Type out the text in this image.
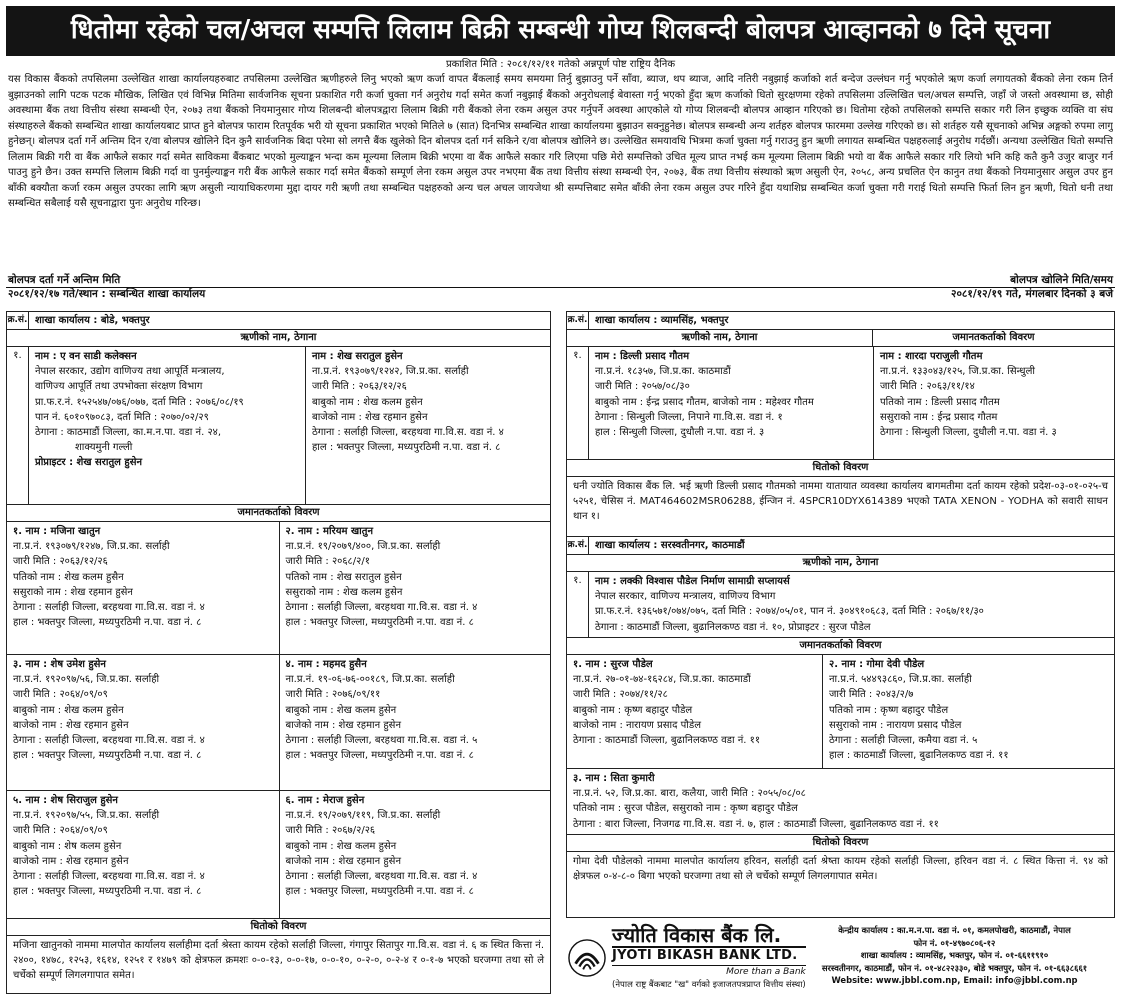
धितोमा रहेको चल/अचल सम्पत्ति लिलाम बिक्री सम्बन्धी गोप्य शिलबन्दी बोलपत्र आव्हानको ७ दिने सूचना
प्रकाशित मिति : २०८१/१२/११ गतेको अन्नपूर्ण पोष्ट राष्ट्रिय दैनिक
यस विकास बैंकको तपसिलमा उल्लेखित शाखा कार्यालयहरुबाट तपसिलमा उल्लेखित ऋणीहरुले लिनु भएको ऋण कर्जा वापत बैंकलाई समय समयमा तिर्नु बुझाउनु पर्ने साँवा, ब्याज, थप ब्याज, आदि नतिरी नबुझाई कर्जाको शर्त बन्देज उल्लंघन गर्नु भएकोले ऋण कर्जा लगायतको बैंकको लेना रकम तिर्न बुझाउनको लागि पटक पटक मौखिक, लिखित एवं विभिन्न मितिमा सार्वजनिक सूचना प्रकाशित गरी कर्जा चुक्ता गर्न अनुरोध गर्दा समेत कर्जा नबुझाई बैंकको अनुरोधलाई बेवास्ता गर्नु भएको हुँदा ऋण कर्जाको धितो सुरक्षणमा रहेको तपसिलमा उल्लिखित चल/अचल सम्पत्ति, जहाँ जे जस्तो अवस्थामा छ, सोही अवस्थामा बैंक तथा वित्तीय संस्था सम्बन्धी ऐन, २०७३ तथा बैंकको नियमानुसार गोप्य शिलबन्दी बोलपत्रद्वारा लिलाम बिक्री गरी बैंकको लेना रकम असुल उपर गर्नुपर्ने अवस्था आएकोले यो गोप्य शिलबन्दी बोलपत्र आव्हान गरिएको छ। धितोमा रहेको तपसिलको सम्पत्ति सकार गरी लिन इच्छुक व्यक्ति वा संघ संस्थाहरुले बैंकको सम्बन्धित शाखा कार्यालयबाट प्राप्त हुने बोलपत्र फाराम रितपूर्वक भरी यो सूचना प्रकाशित भएको मितिले ७ (सात) दिनभित्र सम्बन्धित शाखा कार्यालयमा बुझाउन सक्नुहुनेछ। बोलपत्र सम्बन्धी अन्य शर्तहरु बोलपत्र फारममा उल्लेख गरिएको छ। सो शर्तहरु यसै सूचनाको अभिन्न अङ्गको रुपमा लागु हुनेछन्। बोलपत्र दर्ता गर्ने अन्तिम दिन र/वा बोलपत्र खोलिने दिन कुनै सार्वजनिक बिदा परेमा सो लगत्तै बैंक खुलेको दिन बोलपत्र दर्ता गर्न सकिने र/वा बोलपत्र खोलिने छ। उल्लेखित समयावधि भित्रमा कर्जा चुक्ता गर्नु गराउनु हुन ऋणी लगायत सम्बन्धित पक्षहरुलाई अनुरोध गर्दछौं। अन्यथा उल्लेखित धितो सम्पत्ति लिलाम बिक्री गरी वा बैंक आफैले सकार गर्दा समेत साविकमा बैंकबाट भएको मुल्याङ्कन भन्दा कम मूल्यमा लिलाम बिक्री भएमा वा बैंक आफैले सकार गरि लिएमा पछि मेरो सम्पत्तिको उचित मूल्य प्राप्त नभई कम मूल्यमा लिलाम बिक्री भयो वा बैंक आफैले सकार गरि लियो भनि कहि कतै कुनै उजुर बाजुर गर्न पाउनु हुने छैन। उक्त सम्पत्ति लिलाम बिक्री गर्दा वा पुनर्मुल्याङ्कन गरी बैंक आफैले सकार गर्दा समेत बैंकको सम्पूर्ण लेना रकम असुल उपर नभएमा बैंक तथा वित्तीय संस्था सम्बन्धी ऐन, २०७३, बैंक तथा वित्तीय संस्थाको ऋण असुली ऐन, २०५८, अन्य प्रचलित ऐन कानुन तथा बैंकको नियमानुसार असुल उपर हुन बाँकी बक्यौता कर्जा रकम असुल उपरका लागि ऋण असुली न्यायाधिकरणमा मुद्दा दायर गरी ऋणी तथा सम्बन्धित पक्षहरुको अन्य चल अचल जायजेथा श्री सम्पत्तिबाट समेत बाँकी लेना रकम असुल उपर गरिने हुँदा यथाशिघ्र सम्बन्धित कर्जा चुक्ता गरी गराई धितो सम्पत्ति फिर्ता लिन हुन ऋणी, धितो धनी तथा सम्बन्धित सबैलाई यसै सूचनाद्वारा पुनः अनुरोध गरिन्छ।
बोलपत्र दर्ता गर्ने अन्तिम मिति
२०८१/१२/१७ गते/स्थान : सम्बन्धित शाखा कार्यालय
बोलपत्र खोलिने मिति/समय
२०८१/१२/१९ गते, मंगलबार दिनको ३ बजे
क्र.सं. शाखा कार्यालय : बोडे, भक्तपुर
ऋणीको नाम, ठेगाना
१.	नाम : ए वन साडी कलेक्सन
नेपाल सरकार, उद्योग वाणिज्य तथा आपूर्ति मन्त्रालय,
वाणिज्य आपूर्ति तथा उपभोक्ता संरक्षण विभाग
प्रा.फ.र.नं. १५२५४७/०७६/०७७, दर्ता मिति : २०७६/०८/१९
पान नं. ६०१०९७०८३, दर्ता मिति : २०७०/०२/२९
ठेगाना : काठमाडौं जिल्ला, का.म.न.पा. वडा नं. २४,
शाक्यमुनी गल्ली
प्रोप्राइटर : शेख सरातुल हुसेन
नाम : शेख सरातुल हुसेन
ना.प्र.नं. १९३०७९/१२४२, जि.प्र.का. सर्लाही
जारी मिति : २०६३/१२/२६
बाबुको नाम : शेख कलम हुसेन
बाजेको नाम : शेख रहमान हुसेन
ठेगाना : सर्लाही जिल्ला, बरहथवा गा.वि.स. वडा नं. ४
हाल : भक्तपुर जिल्ला, मध्यपुरठिमी न.पा. वडा नं. ८
जमानतकर्ताको विवरण
१. नाम : मजिना खातुन
ना.प्र.नं. १९३०७९/१२४७, जि.प्र.का. सर्लाही
जारी मिति : २०६३/१२/२६
पतिको नाम : शेख कलम हुसैन
ससुराको नाम : शेख रहमान हुसेन
ठेगाना : सर्लाही जिल्ला, बरहथवा गा.वि.स. वडा नं. ४
हाल : भक्तपुर जिल्ला, मध्यपुरठिमी न.पा. वडा नं. ८
२. नाम : मरियम खातुन
ना.प्र.नं. १९/२०७९/४००, जि.प्र.का. सर्लाही
जारी मिति : २०६८/२/१
पतिको नाम : शेख सरातुल हुसेन
ससुराको नाम : शेख कलम हुसेन
ठेगाना : सर्लाही जिल्ला, बरहथवा गा.वि.स. वडा नं. ४
हाल : भक्तपुर जिल्ला, मध्यपुरठिमी न.पा. वडा नं. ८
३. नाम : शेष उमेश हुसेन
ना.प्र.नं. १९२०९७/५६, जि.प्र.का. सर्लाही
जारी मिति : २०६४/०९/०९
बाबुको नाम : शेख कलम हुसेन
बाजेको नाम : शेख रहमान हुसेन
ठेगाना : सर्लाही जिल्ला, बरहथवा गा.वि.स. वडा नं. ४
हाल : भक्तपुर जिल्ला, मध्यपुरठिमी न.पा. वडा नं. ८
४. नाम : महमद हुसैन
ना.प्र.नं. १९-०६-७६-००१८९, जि.प्र.का. सर्लाही
जारी मिति : २०७६/०९/११
बाबुको नाम : शेख कलम हुसेन
बाजेको नाम : शेख रहमान हुसेन
ठेगाना : सर्लाही जिल्ला, बरहथवा गा.वि.स. वडा नं. ५
हाल : भक्तपुर जिल्ला, मध्यपुरठिमी न.पा. वडा नं. ८
५. नाम : शेष सिराजुल हुसेन
ना.प्र.नं. १९२०९७/५५, जि.प्र.का. सर्लाही
जारी मिति : २०६४/०९/०९
बाबुको नाम : शेष कलम हुसेन
बाजेको नाम : शेख रहमान हुसेन
ठेगाना : सर्लाही जिल्ला, बरहथवा गा.वि.स. वडा नं. ४
हाल : भक्तपुर जिल्ला, मध्यपुरठिमी न.पा. वडा नं. ८
६. नाम : मेराज हुसेन
ना.प्र.नं. १९/२०७९/११९, जि.प्र.का. सर्लाही
जारी मिति : २०६७/२/२६
बाबुको नाम : शेख कलम हुसेन
बाजेको नाम : शेख रहमान हुसेन
ठेगाना : सर्लाही जिल्ला, बरहथवा गा.वि.स. वडा नं. ४
हाल : भक्तपुर जिल्ला, मध्यपुरठिमी न.पा. वडा नं. ८
धितोको विवरण
मजिना खातुनको नाममा मालपोत कार्यालय सर्लाहीमा दर्ता श्रेस्ता कायम रहेको सर्लाही जिल्ला, गंगापुर सितापुर गा.वि.स. वडा नं. ६ क स्थित कित्ता नं. २४००, १४७८, १२५३, १६१४, १२५१ र १४७९ को क्षेत्रफल क्रमशः ०-०-१३, ०-०-१७, ०-०-१०, ०-२-०, ०-२-४ र ०-१-७ भएको घरजग्गा तथा सो ले चर्चेको सम्पूर्ण लिगलगापात समेत।
क्र.सं. शाखा कार्यालय : व्यामसिंह, भक्तपुर
ऋणीको नाम, ठेगाना	जमानतकर्ताको विवरण
१.	नाम : डिल्ली प्रसाद गौतम
ना.प्र.नं. १८३५७, जि.प्र.का. काठमाडौं
जारी मिति : २०५७/०८/३०
बाबुको नाम : ईन्द्र प्रसाद गौतम, बाजेको नाम : महेश्वर गौतम
ठेगाना : सिन्धुली जिल्ला, निपाने गा.वि.स. वडा नं. १
हाल : सिन्धुली जिल्ला, दुधौली न.पा. वडा नं. ३
नाम : शारदा पराजुली गौतम
ना.प्र.नं. १३३०४३/१२५, जि.प्र.का. सिन्धुली
जारी मिति : २०६३/११/१४
पतिको नाम : डिल्ली प्रसाद गौतम
ससुराको नाम : ईन्द्र प्रसाद गौतम
ठेगाना : सिन्धुली जिल्ला, दुधौली न.पा. वडा नं. ३
धितोको विवरण
धनी ज्योति विकास बैंक लि. भई ऋणी डिल्ली प्रसाद गौतमको नाममा यातायात व्यवस्था कार्यालय बागमतीमा दर्ता कायम रहेको प्रदेश-०३-०१-०२५-च ५२५१, चेसिस नं. MAT464602MSR06288, ईन्जिन नं. 4SPCR10DYX614389 भएको TATA XENON - YODHA को सवारी साधन थान १।
क्र.सं. शाखा कार्यालय : सरस्वतीनगर, काठमाडौं
ऋणीको नाम, ठेगाना
१.	नाम : लक्की विश्वास पौडेल निर्माण सामाग्री सप्लायर्स
नेपाल सरकार, वाणिज्य मन्त्रालय, वाणिज्य विभाग
प्रा.फ.र.नं. १३६५७१/०७४/०७५, दर्ता मिति : २०७४/०५/०१, पान नं. ३०४९१०६८३, दर्ता मिति : २०६७/११/३०
ठेगाना : काठमाडौं जिल्ला, बुढानिलकण्ठ वडा नं. १०, प्रोप्राइटर : सुरज पौडेल
जमानतकर्ताको विवरण
१. नाम : सुरज पौडेल
ना.प्र.नं. २७-०१-७४-१६२८४, जि.प्र.का. काठमाडौं
जारी मिति : २०७४/११/२८
बाबुको नाम : कृष्ण बहादुर पौडेल
बाजेको नाम : नारायण प्रसाद पौडेल
ठेगाना : काठमाडौं जिल्ला, बुढानिलकण्ठ वडा नं. ११
२. नाम : गोमा देवी पौडेल
ना.प्र.नं. ५४४९३८६०, जि.प्र.का. सर्लाही
जारी मिति : २०४३/२/७
पतिको नाम : कृष्ण बहादुर पौडेल
ससुराको नाम : नारायण प्रसाद पौडेल
ठेगाना : सर्लाही जिल्ला, कमैया वडा नं. ५
हाल : काठमाडौं जिल्ला, बुढानिलकण्ठ वडा नं. ११
३. नाम : सिता कुमारी
ना.प्र.नं. ५२, जि.प्र.का. बारा, कलैया, जारी मिति : २०५५/०८/०८
पतिको नाम : सुरज पौडेल, ससुराको नाम : कृष्ण बहादुर पौडेल
ठेगाना : बारा जिल्ला, निजगढ गा.वि.स. वडा नं. ७, हाल : काठमाडौं जिल्ला, बुढानिलकण्ठ वडा नं. ११
धितोको विवरण
गोमा देवी पौडेलको नाममा मालपोत कार्यालय हरिवन, सर्लाही दर्ता श्रेष्ता कायम रहेको सर्लाही जिल्ला, हरिवन वडा नं. ८ स्थित कित्ता नं. ९४ को क्षेत्रफल ०-४-८-० बिगा भएको घरजग्गा तथा सो ले चर्चेको सम्पूर्ण लिगलगापात समेत।
ज्योति विकास बैंक लि.
JYOTI BIKASH BANK LTD.
More than a Bank
(नेपाल राष्ट्र बैंकबाट "ख" वर्गको इजाजतपत्रप्राप्त वित्तीय संस्था)
केन्द्रीय कार्यालय : का.म.न.पा. वडा नं. ०१, कमलपोखरी, काठमाडौं, नेपाल
फोन नं. ०१-४९७०८०६-१२
शाखा कार्यालय : व्यामसिंह, भक्तपुर, फोन नं. ०१-६६११९१०
सरस्वतीनगर, काठमाडौं, फोन नं. ०१-४८२२३३०, बोडे भक्तपुर, फोन नं. ०१-६६३८६६१
Website: www.jbbl.com.np, Email: info@jbbl.com.np
